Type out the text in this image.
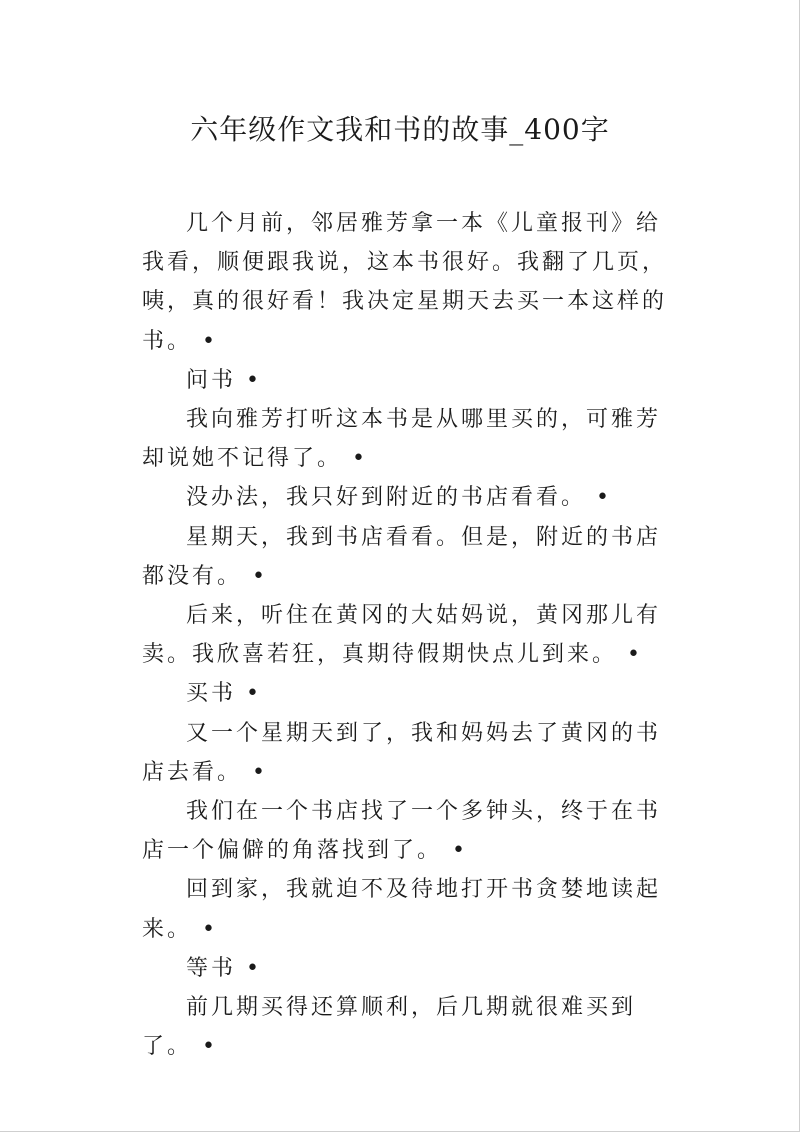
六年级作文我和书的故事_400字

几个月前，邻居雅芳拿一本《儿童报刊》给我看，顺便跟我说，这本书很好。我翻了几页，咦，真的很好看！我决定星期天去买一本这样的书。 •

问书 •

我向雅芳打听这本书是从哪里买的，可雅芳却说她不记得了。 •

没办法，我只好到附近的书店看看。 •

星期天，我到书店看看。但是，附近的书店都没有。 •

后来，听住在黄冈的大姑妈说，黄冈那儿有卖。我欣喜若狂，真期待假期快点儿到来。 •

买书 •

又一个星期天到了，我和妈妈去了黄冈的书店去看。 •

我们在一个书店找了一个多钟头，终于在书店一个偏僻的角落找到了。 •

回到家，我就迫不及待地打开书贪婪地读起来。 •

等书 •

前几期买得还算顺利，后几期就很难买到了。 •
